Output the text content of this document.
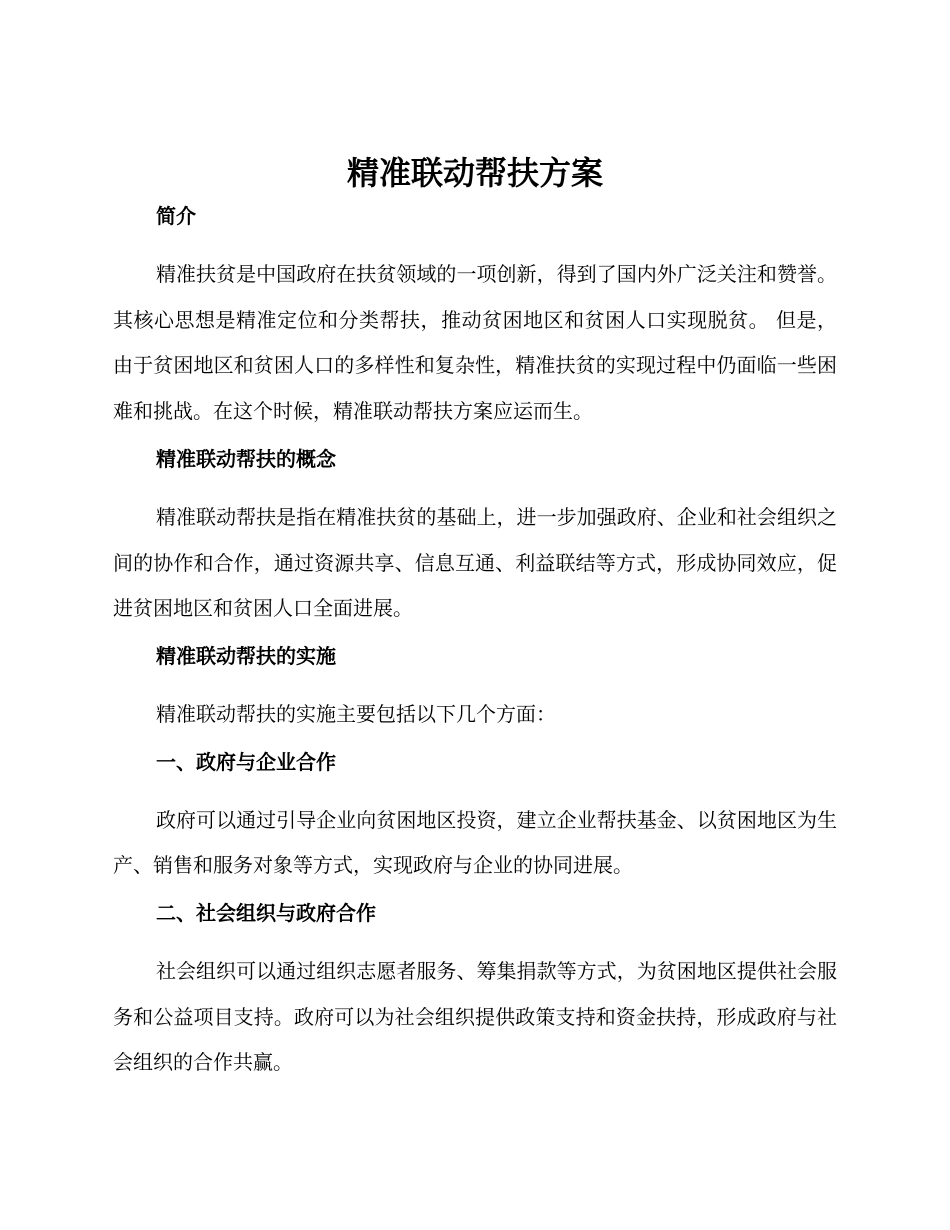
精准联动帮扶方案
简介

精准扶贫是中国政府在扶贫领域的一项创新，得到了国内外广泛关注和赞誉。其核心思想是精准定位和分类帮扶，推动贫困地区和贫困人口实现脱贫。 但是，由于贫困地区和贫困人口的多样性和复杂性，精准扶贫的实现过程中仍面临一些困难和挑战。在这个时候，精准联动帮扶方案应运而生。

精准联动帮扶的概念

精准联动帮扶是指在精准扶贫的基础上，进一步加强政府、企业和社会组织之间的协作和合作，通过资源共享、信息互通、利益联结等方式，形成协同效应，促进贫困地区和贫困人口全面进展。

精准联动帮扶的实施

精准联动帮扶的实施主要包括以下几个方面：

一、政府与企业合作

政府可以通过引导企业向贫困地区投资，建立企业帮扶基金、以贫困地区为生产、销售和服务对象等方式，实现政府与企业的协同进展。

二、社会组织与政府合作

社会组织可以通过组织志愿者服务、筹集捐款等方式，为贫困地区提供社会服务和公益项目支持。政府可以为社会组织提供政策支持和资金扶持，形成政府与社会组织的合作共赢。
